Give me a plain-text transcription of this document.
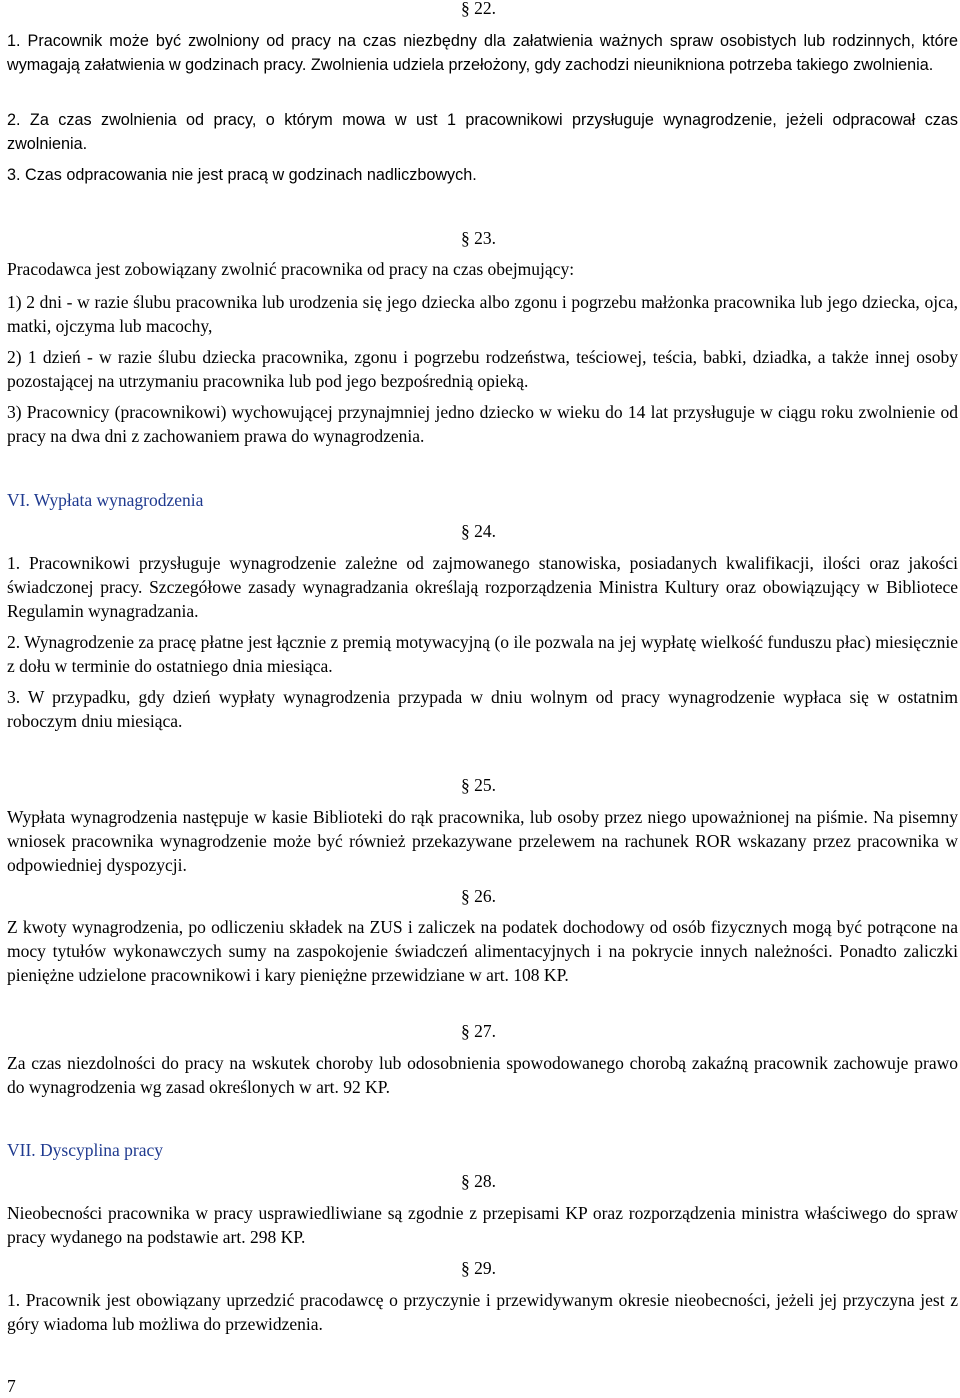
§ 22.

1. Pracownik może być zwolniony od pracy na czas niezbędny dla załatwienia ważnych spraw osobistych lub rodzinnych, które wymagają załatwienia w godzinach pracy. Zwolnienia udziela przełożony, gdy zachodzi nieuniknionа potrzeba takiego zwolnienia.

2. Za czas zwolnienia od pracy, o którym mowa w ust 1 pracownikowi przysługuje wynagrodzenie, jeżeli odpracował czas zwolnienia.

3. Czas odpracowania nie jest pracą w godzinach nadliczbowych.

§ 23.

Pracodawca jest zobowiązany zwolnić pracownika od pracy na czas obejmujący:

1) 2 dni - w razie ślubu pracownika lub urodzenia się jego dziecka albo zgonu i pogrzebu małżonka pracownika lub jego dziecka, ojca, matki, ojczyma lub macochy,

2) 1 dzień - w razie ślubu dziecka pracownika, zgonu i pogrzebu rodzeństwa, teściowej, teścia, babki, dziadka, a także innej osoby pozostającej na utrzymaniu pracownika lub pod jego bezpośrednią opieką.

3) Pracownicy (pracownikowi) wychowującej przynajmniej jedno dziecko w wieku do 14 lat przysługuje w ciągu roku zwolnienie od pracy na dwa dni z zachowaniem prawa do wynagrodzenia.

VI. Wypłata wynagrodzenia
§ 24.

1. Pracownikowi przysługuje wynagrodzenie zależne od zajmowanego stanowiska, posiadanych kwalifikacji, ilości oraz jakości świadczonej pracy. Szczegółowe zasady wynagradzania określają rozporządzenia Ministra Kultury oraz obowiązujący w Bibliotece Regulamin wynagradzania.

2. Wynagrodzenie za pracę płatne jest łącznie z premią motywacyjną (o ile pozwala na jej wypłatę wielkość funduszu płac) miesięcznie z dołu w terminie do ostatniego dnia miesiąca.

3. W przypadku, gdy dzień wypłaty wynagrodzenia przypada w dniu wolnym od pracy wynagrodzenie wypłaca się w ostatnim roboczym dniu miesiąca.

§ 25.

Wypłata wynagrodzenia następuje w kasie Biblioteki do rąk pracownika, lub osoby przez niego upoważnionej na piśmie. Na pisemny wniosek pracownika wynagrodzenie może być również przekazywane przelewem na rachunek ROR wskazany przez pracownika w odpowiedniej dyspozycji.

§ 26.

Z kwoty wynagrodzenia, po odliczeniu składek na ZUS i zaliczek na podatek dochodowy od osób fizycznych mogą być potrącone na mocy tytułów wykonawczych sumy na zaspokojenie świadczeń alimentacyjnych i na pokrycie innych należności. Ponadto zaliczki pieniężne udzielone pracownikowi i kary pieniężne przewidziane w art. 108 KP.

§ 27.

Za czas niezdolności do pracy na wskutek choroby lub odosobnienia spowodowanego chorobą zakaźną pracownik zachowuje prawo do wynagrodzenia wg zasad określonych w art. 92 KP.

VII. Dyscyplina pracy
§ 28.

Nieobecności pracownika w pracy usprawiedliwiane są zgodnie z przepisami KP oraz rozporządzenia ministra właściwego do spraw pracy wydanego na podstawie art. 298 KP.

§ 29.

1. Pracownik jest obowiązany uprzedzić pracodawcę o przyczynie i przewidywanym okresie nieobecności, jeżeli jej przyczyna jest z góry wiadoma lub możliwa do przewidzenia.

7
